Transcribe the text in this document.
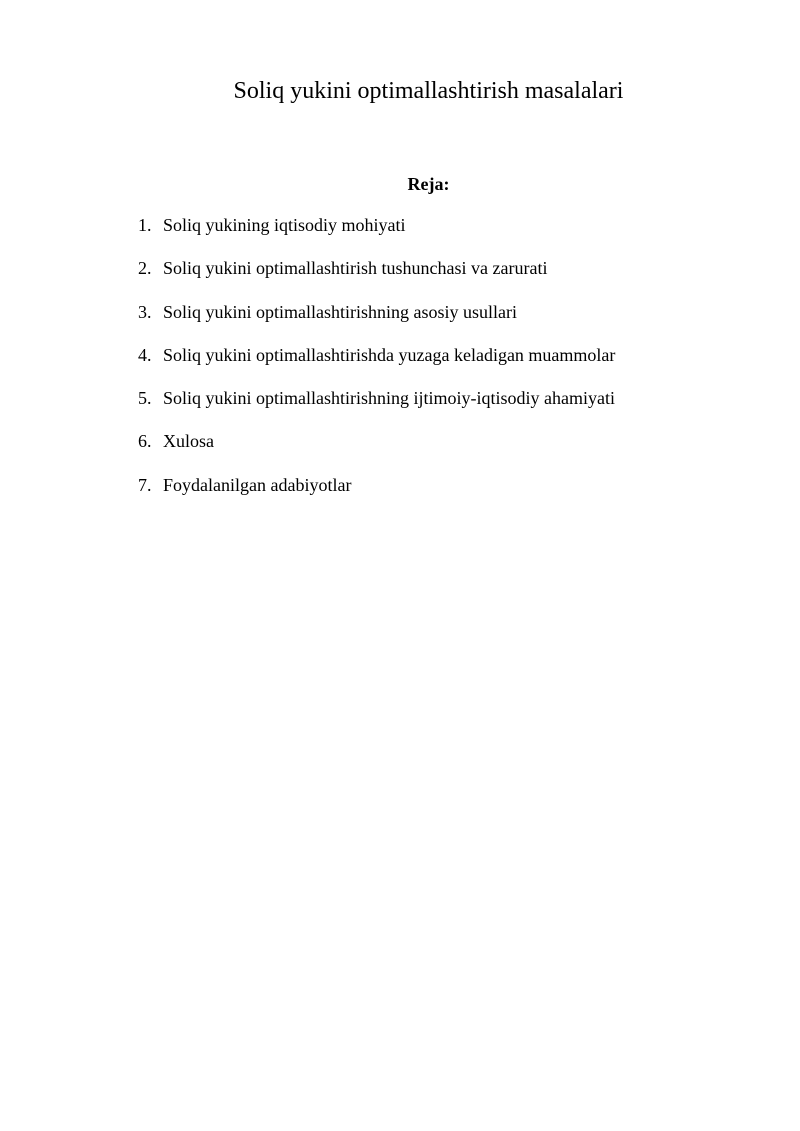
Soliq yukini optimallashtirish masalalari
Reja:
1. Soliq yukining iqtisodiy mohiyati
2. Soliq yukini optimallashtirish tushunchasi va zarurati
3. Soliq yukini optimallashtirishning asosiy usullari
4. Soliq yukini optimallashtirishda yuzaga keladigan muammolar
5. Soliq yukini optimallashtirishning ijtimoiy-iqtisodiy ahamiyati
6. Xulosa
7. Foydalanilgan adabiyotlar
